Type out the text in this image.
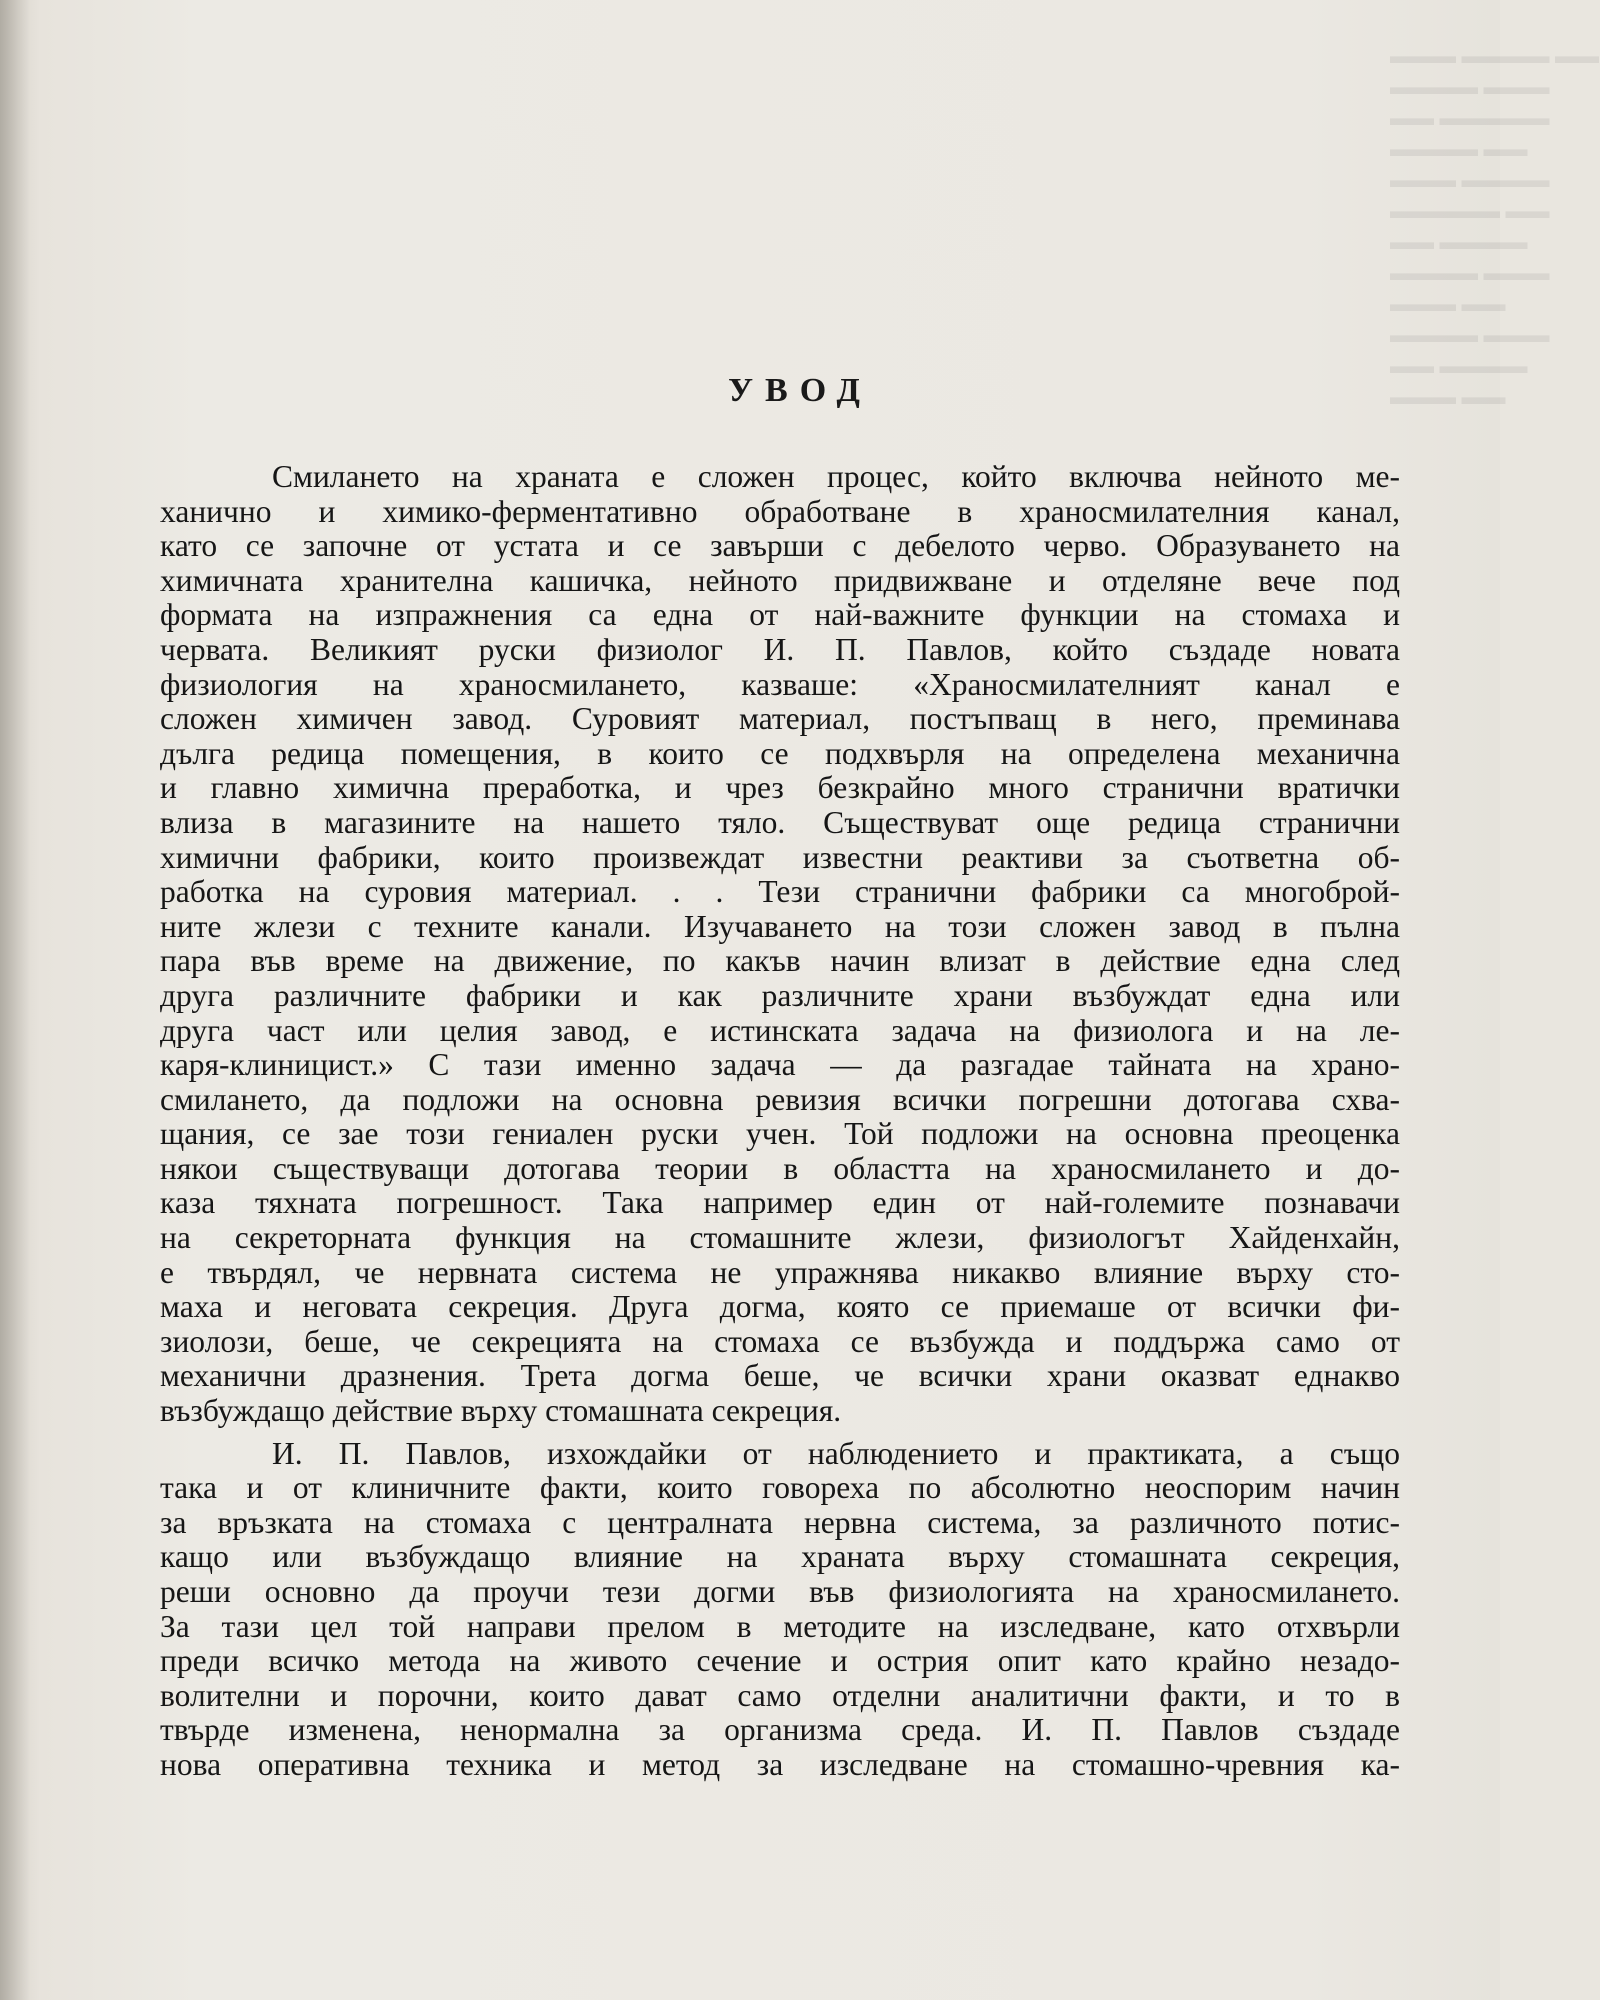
▬▬▬ ▬▬▬▬ ▬▬
▬▬▬▬ ▬▬▬
▬▬ ▬▬▬▬▬
▬▬▬▬ ▬▬
▬▬▬ ▬▬▬▬
▬▬▬▬▬ ▬▬
▬▬ ▬▬▬▬
▬▬▬▬ ▬▬▬
▬▬▬ ▬▬
▬▬▬▬ ▬▬▬
▬▬ ▬▬▬▬
▬▬▬ ▬▬
УВОД
Смилането на храната е сложен процес, който включва нейното ме-
ханично и химико-ферментативно обработване в храносмилателния канал,
като се започне от устата и се завърши с дебелото черво. Образуването на
химичната хранителна кашичка, нейното придвижване и отделяне вече под
формата на изпражнения са една от най-важните функции на стомаха и
червата. Великият руски физиолог И. П. Павлов, който създаде новата
физиология на храносмилането, казваше: «Храносмилателният канал е
сложен химичен завод. Суровият материал, постъпващ в него, преминава
дълга редица помещения, в които се подхвърля на определена механична
и главно химична преработка, и чрез безкрайно много странични вратички
влиза в магазините на нашето тяло. Съществуват още редица странични
химични фабрики, които произвеждат известни реактиви за съответна об-
работка на суровия материал. . . Тези странични фабрики са многоброй-
ните жлези с техните канали. Изучаването на този сложен завод в пълна
пара във време на движение, по какъв начин влизат в действие една след
друга различните фабрики и как различните храни възбуждат една или
друга част или целия завод, е истинската задача на физиолога и на ле-
каря-клиницист.» С тази именно задача — да разгадае тайната на храно-
смилането, да подложи на основна ревизия всички погрешни дотогава схва-
щания, се зае този гениален руски учен. Той подложи на основна преоценка
някои съществуващи дотогава теории в областта на храносмилането и до-
каза тяхната погрешност. Така например един от най-големите познавачи
на секреторната функция на стомашните жлези, физиологът Хайденхайн,
е твърдял, че нервната система не упражнява никакво влияние върху сто-
маха и неговата секреция. Друга догма, която се приемаше от всички фи-
зиолози, беше, че секрецията на стомаха се възбужда и поддържа само от
механични дразнения. Трета догма беше, че всички храни оказват еднакво
възбуждащо действие върху стомашната секреция.
И. П. Павлов, изхождайки от наблюдението и практиката, а също
така и от клиничните факти, които говореха по абсолютно неоспорим начин
за връзката на стомаха с централната нервна система, за различното потис-
кащо или възбуждащо влияние на храната върху стомашната секреция,
реши основно да проучи тези догми във физиологията на храносмилането.
За тази цел той направи прелом в методите на изследване, като отхвърли
преди всичко метода на живото сечение и острия опит като крайно незадо-
волителни и порочни, които дават само отделни аналитични факти, и то в
твърде изменена, ненормална за организма среда. И. П. Павлов създаде
нова оперативна техника и метод за изследване на стомашно-чревния ка-
